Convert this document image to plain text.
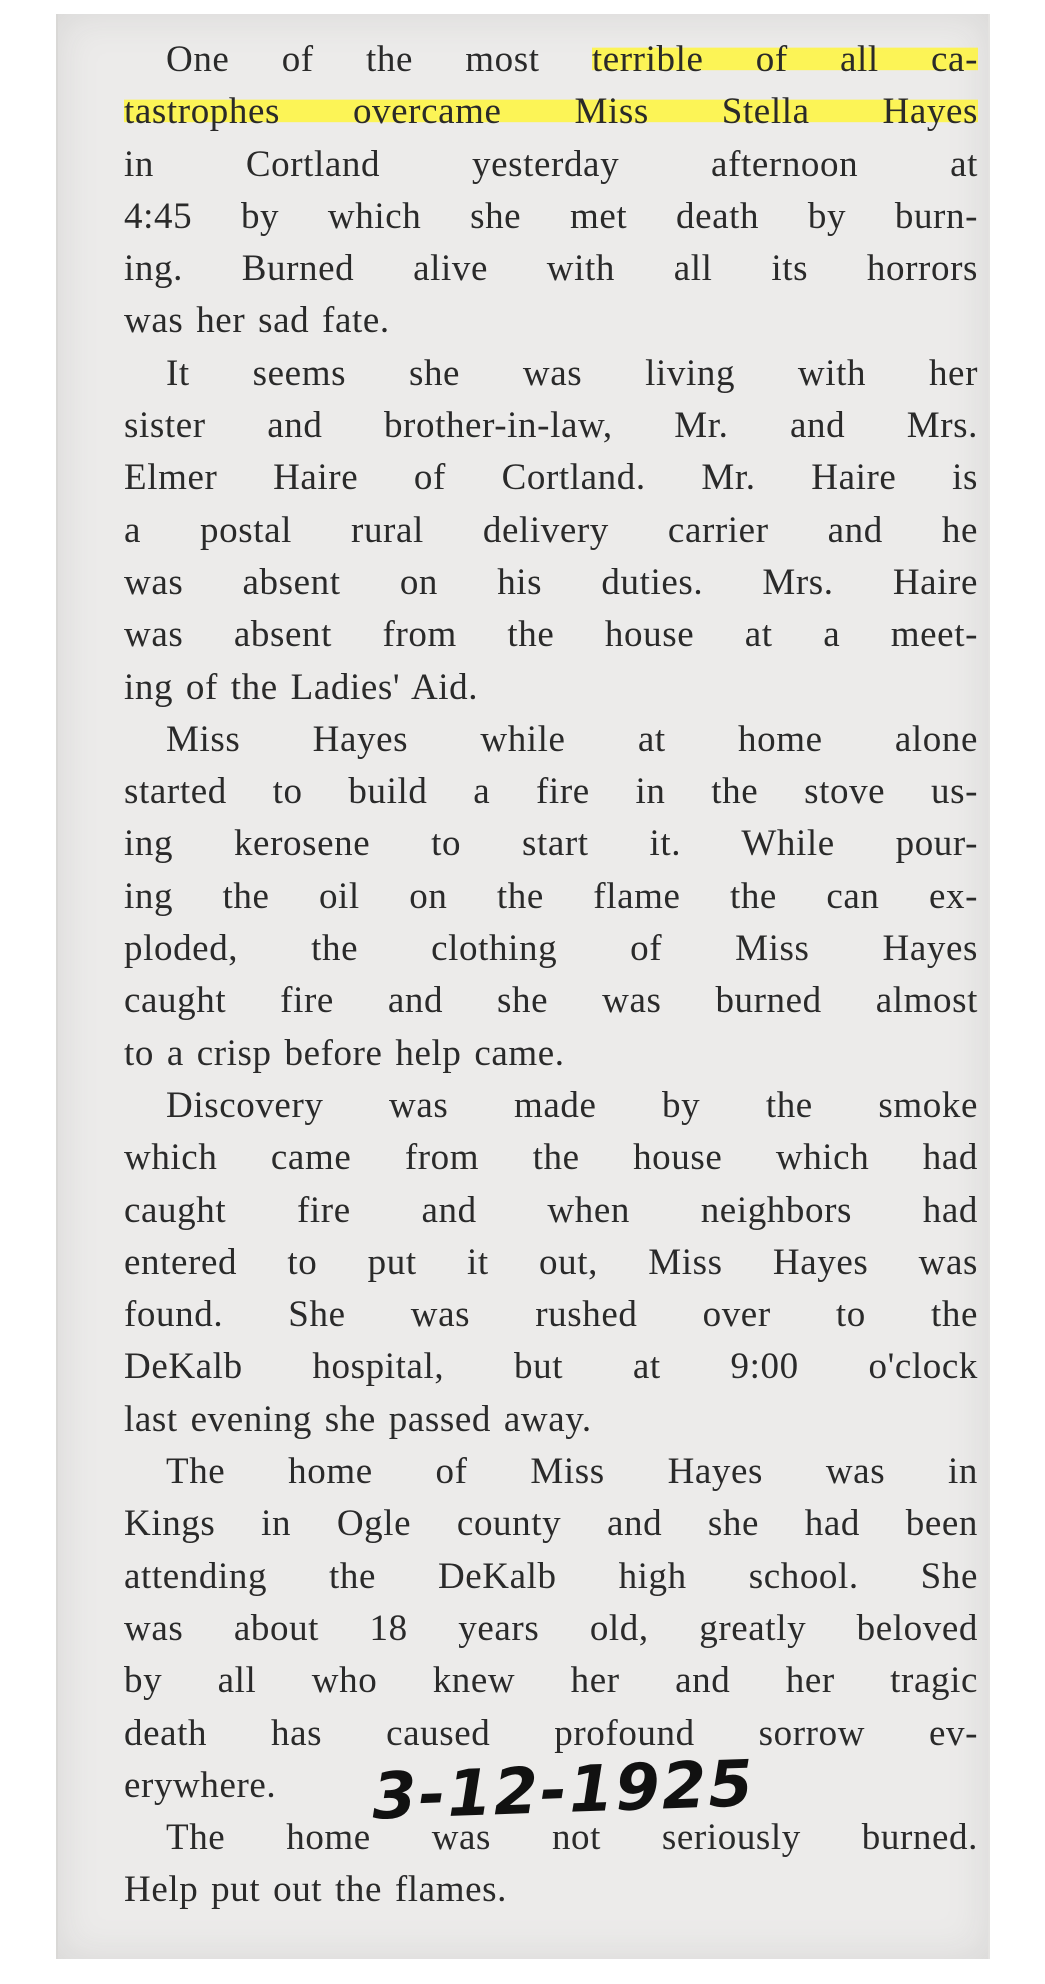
One of the most terrible of all ca-
tastrophes overcame Miss Stella Hayes
in Cortland yesterday afternoon at
4:45 by which she met death by burn-
ing. Burned alive with all its horrors
was her sad fate.
It seems she was living with her
sister and brother-in-law, Mr. and Mrs.
Elmer Haire of Cortland. Mr. Haire is
a postal rural delivery carrier and he
was absent on his duties. Mrs. Haire
was absent from the house at a meet-
ing of the Ladies' Aid.
Miss Hayes while at home alone
started to build a fire in the stove us-
ing kerosene to start it. While pour-
ing the oil on the flame the can ex-
ploded, the clothing of Miss Hayes
caught fire and she was burned almost
to a crisp before help came.
Discovery was made by the smoke
which came from the house which had
caught fire and when neighbors had
entered to put it out, Miss Hayes was
found. She was rushed over to the
DeKalb hospital, but at 9:00 o'clock
last evening she passed away.
The home of Miss Hayes was in
Kings in Ogle county and she had been
attending the DeKalb high school. She
was about 18 years old, greatly beloved
by all who knew her and her tragic
death has caused profound sorrow ev-
erywhere.
The home was not seriously burned.
Help put out the flames.
3-12-1925
